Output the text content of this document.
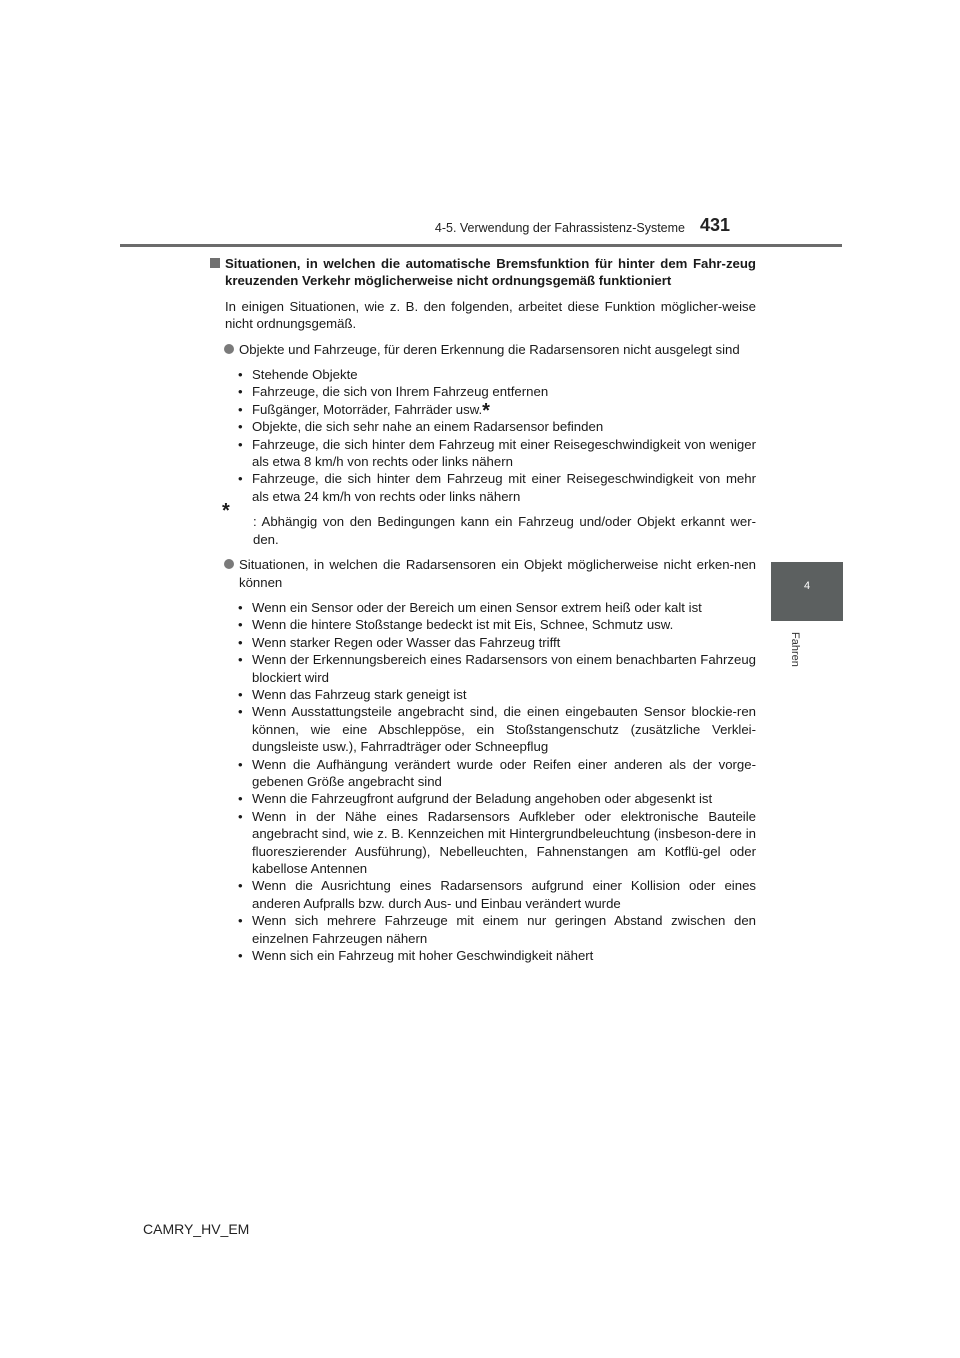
4-5. Verwendung der Fahrassistenz-Systeme 431
4
Fahren

Situationen, in welchen die automatische Bremsfunktion für hinter dem Fahr-zeug kreuzenden Verkehr möglicherweise nicht ordnungsgemäß funktioniert

In einigen Situationen, wie z. B. den folgenden, arbeitet diese Funktion möglicher-weise nicht ordnungsgemäß.

Objekte und Fahrzeuge, für deren Erkennung die Radarsensoren nicht ausgelegt sind
• Stehende Objekte
• Fahrzeuge, die sich von Ihrem Fahrzeug entfernen
• Fußgänger, Motorräder, Fahrräder usw.*
• Objekte, die sich sehr nahe an einem Radarsensor befinden
• Fahrzeuge, die sich hinter dem Fahrzeug mit einer Reisegeschwindigkeit von weniger als etwa 8 km/h von rechts oder links nähern
• Fahrzeuge, die sich hinter dem Fahrzeug mit einer Reisegeschwindigkeit von mehr als etwa 24 km/h von rechts oder links nähern
* : Abhängig von den Bedingungen kann ein Fahrzeug und/oder Objekt erkannt wer-den.
Situationen, in welchen die Radarsensoren ein Objekt möglicherweise nicht erken-nen können
• Wenn ein Sensor oder der Bereich um einen Sensor extrem heiß oder kalt ist
• Wenn die hintere Stoßstange bedeckt ist mit Eis, Schnee, Schmutz usw.
• Wenn starker Regen oder Wasser das Fahrzeug trifft
• Wenn der Erkennungsbereich eines Radarsensors von einem benachbarten Fahrzeug blockiert wird
• Wenn das Fahrzeug stark geneigt ist
• Wenn Ausstattungsteile angebracht sind, die einen eingebauten Sensor blockie-ren können, wie eine Abschleppöse, ein Stoßstangenschutz (zusätzliche Verklei-dungsleiste usw.), Fahrradträger oder Schneepflug
• Wenn die Aufhängung verändert wurde oder Reifen einer anderen als der vorge-gebenen Größe angebracht sind
• Wenn die Fahrzeugfront aufgrund der Beladung angehoben oder abgesenkt ist
• Wenn in der Nähe eines Radarsensors Aufkleber oder elektronische Bauteile angebracht sind, wie z. B. Kennzeichen mit Hintergrundbeleuchtung (insbeson-dere in fluoreszierender Ausführung), Nebelleuchten, Fahnenstangen am Kotflü-gel oder kabellose Antennen
• Wenn die Ausrichtung eines Radarsensors aufgrund einer Kollision oder eines anderen Aufpralls bzw. durch Aus- und Einbau verändert wurde
• Wenn sich mehrere Fahrzeuge mit einem nur geringen Abstand zwischen den einzelnen Fahrzeugen nähern
• Wenn sich ein Fahrzeug mit hoher Geschwindigkeit nähert
CAMRY_HV_EM
